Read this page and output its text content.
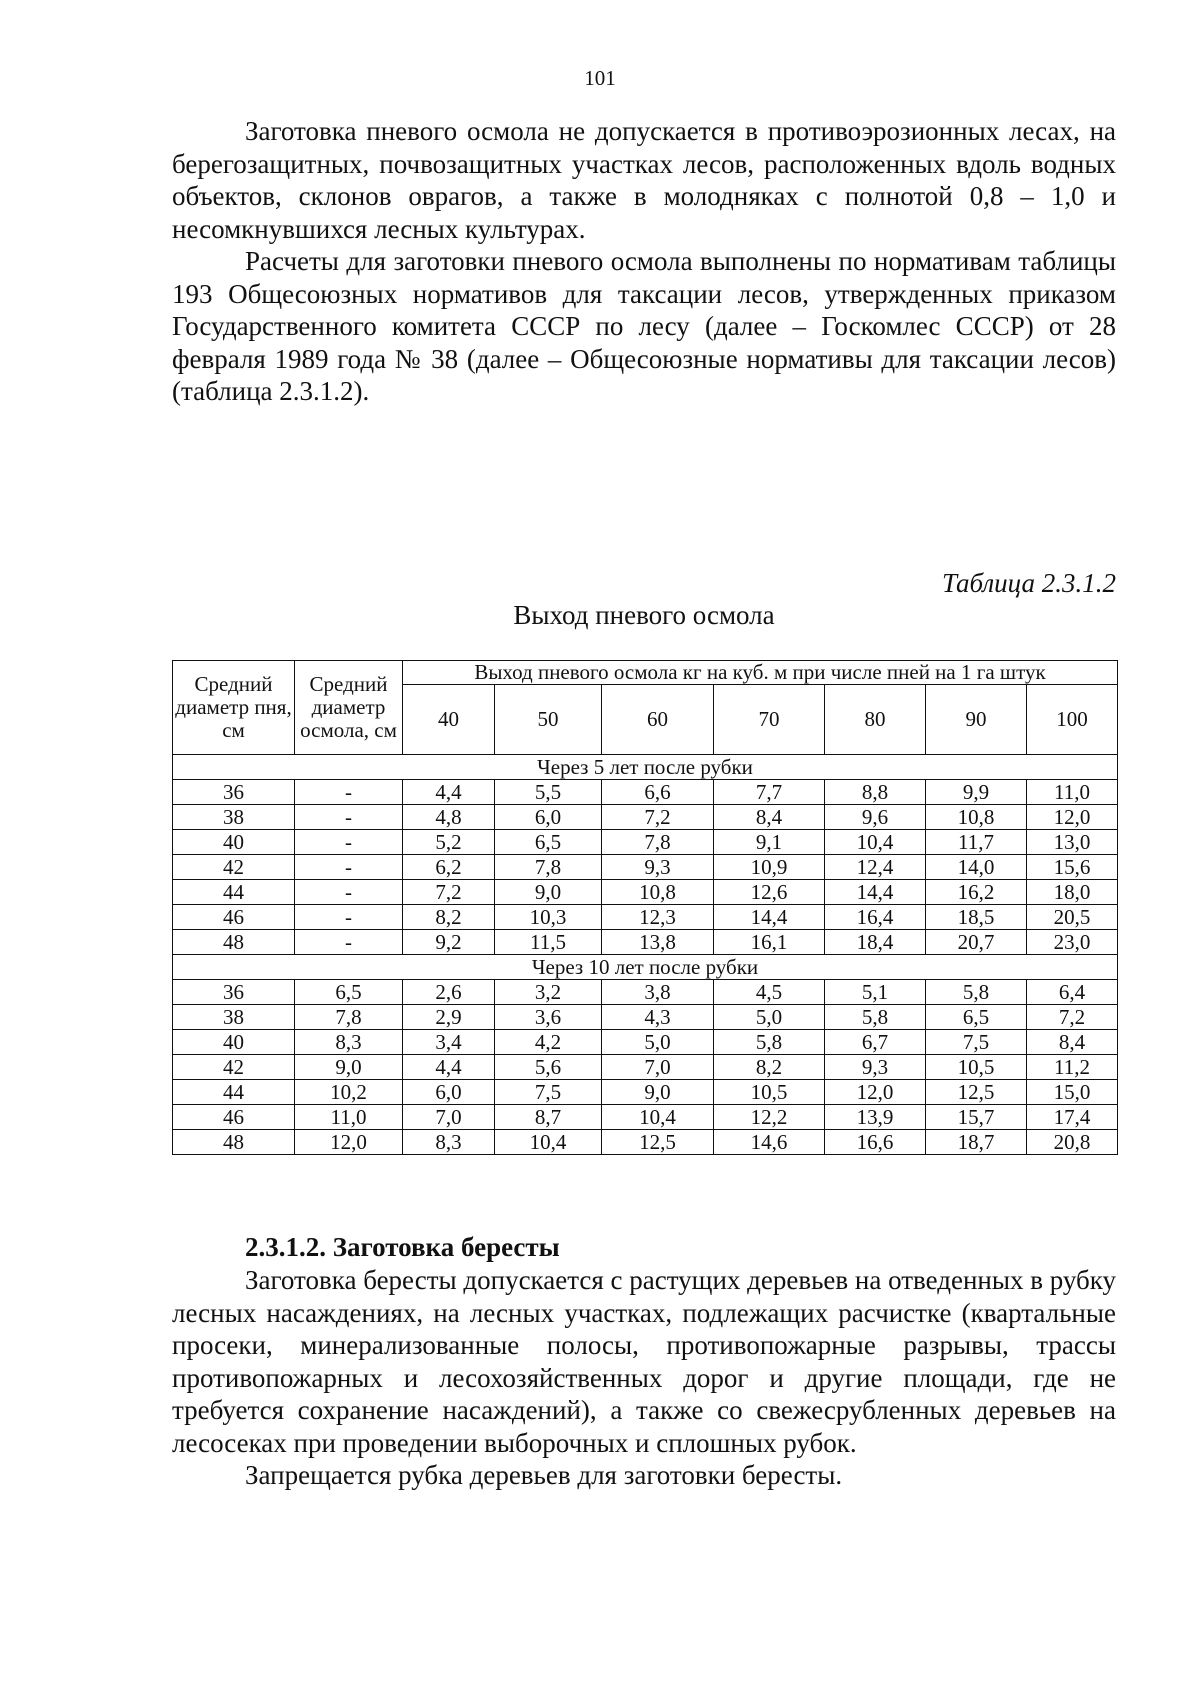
101

Заготовка пневого осмола не допускается в противоэрозионных лесах, на берегозащитных, почвозащитных участках лесов, расположенных вдоль водных объектов, склонов оврагов, а также в молодняках с полнотой 0,8 – 1,0 и несомкнувшихся лесных культурах.

Расчеты для заготовки пневого осмола выполнены по нормативам таблицы 193 Общесоюзных нормативов для таксации лесов, утвержденных приказом Государственного комитета СССР по лесу (далее – Госкомлес СССР) от 28 февраля 1989 года № 38 (далее – Общесоюзные нормативы для таксации лесов) (таблица 2.3.1.2).

Таблица 2.3.1.2
Выход пневого осмола
Средний диаметр пня, см	Средний диаметр осмола, см	Выход пневого осмола кг на куб. м при числе пней на 1 га штук						
		40	50	60	70	80	90	100
Через 5 лет после рубки								
36	-	4,4	5,5	6,6	7,7	8,8	9,9	11,0
38	-	4,8	6,0	7,2	8,4	9,6	10,8	12,0
40	-	5,2	6,5	7,8	9,1	10,4	11,7	13,0
42	-	6,2	7,8	9,3	10,9	12,4	14,0	15,6
44	-	7,2	9,0	10,8	12,6	14,4	16,2	18,0
46	-	8,2	10,3	12,3	14,4	16,4	18,5	20,5
48	-	9,2	11,5	13,8	16,1	18,4	20,7	23,0
Через 10 лет после рубки								
36	6,5	2,6	3,2	3,8	4,5	5,1	5,8	6,4
38	7,8	2,9	3,6	4,3	5,0	5,8	6,5	7,2
40	8,3	3,4	4,2	5,0	5,8	6,7	7,5	8,4
42	9,0	4,4	5,6	7,0	8,2	9,3	10,5	11,2
44	10,2	6,0	7,5	9,0	10,5	12,0	12,5	15,0
46	11,0	7,0	8,7	10,4	12,2	13,9	15,7	17,4
48	12,0	8,3	10,4	12,5	14,6	16,6	18,7	20,8
2.3.1.2. Заготовка бересты

Заготовка бересты допускается с растущих деревьев на отведенных в рубку лесных насаждениях, на лесных участках, подлежащих расчистке (квартальные просеки, минерализованные полосы, противопожарные разрывы, трассы противопожарных и лесохозяйственных дорог и другие площади, где не требуется сохранение насаждений), а также со свежесрубленных деревьев на лесосеках при проведении выборочных и сплошных рубок.

Запрещается рубка деревьев для заготовки бересты.
